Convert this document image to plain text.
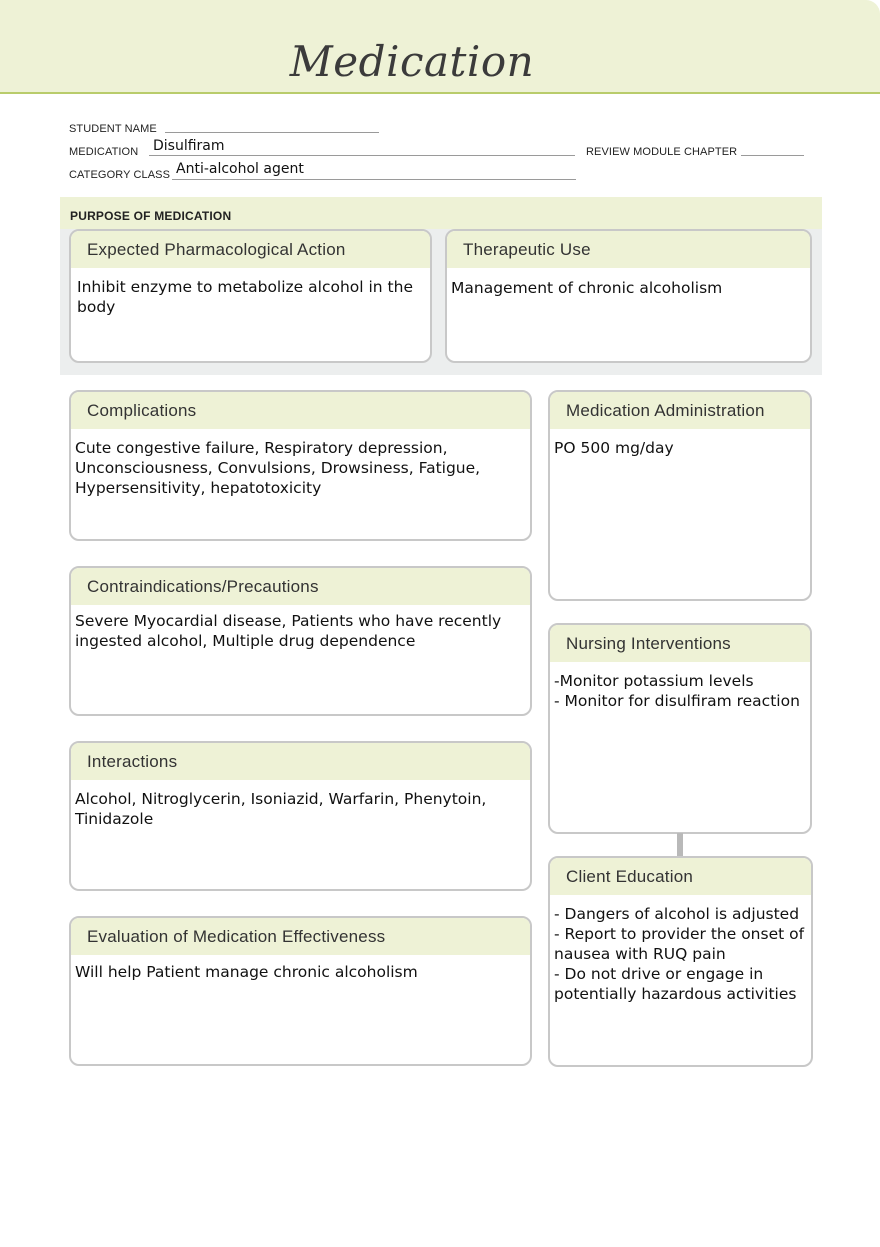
Medication
STUDENT NAME
MEDICATION Disulfiram	REVIEW MODULE CHAPTER
CATEGORY CLASS Anti-alcohol agent
PURPOSE OF MEDICATION
Expected Pharmacological Action
Inhibit enzyme to metabolize alcohol in the body
Therapeutic Use
Management of chronic alcoholism
Complications
Cute congestive failure, Respiratory depression, Unconsciousness, Convulsions, Drowsiness, Fatigue, Hypersensitivity, hepatotoxicity
Contraindications/Precautions
Severe Myocardial disease, Patients who have recently ingested alcohol, Multiple drug dependence
Interactions
Alcohol, Nitroglycerin, Isoniazid, Warfarin, Phenytoin, Tinidazole
Evaluation of Medication Effectiveness
Will help Patient manage chronic alcoholism
Medication Administration
PO 500 mg/day
Nursing Interventions
-Monitor potassium levels
- Monitor for disulfiram reaction
Client Education
- Dangers of alcohol is adjusted
- Report to provider the onset of nausea with RUQ pain
- Do not drive or engage in potentially hazardous activities
